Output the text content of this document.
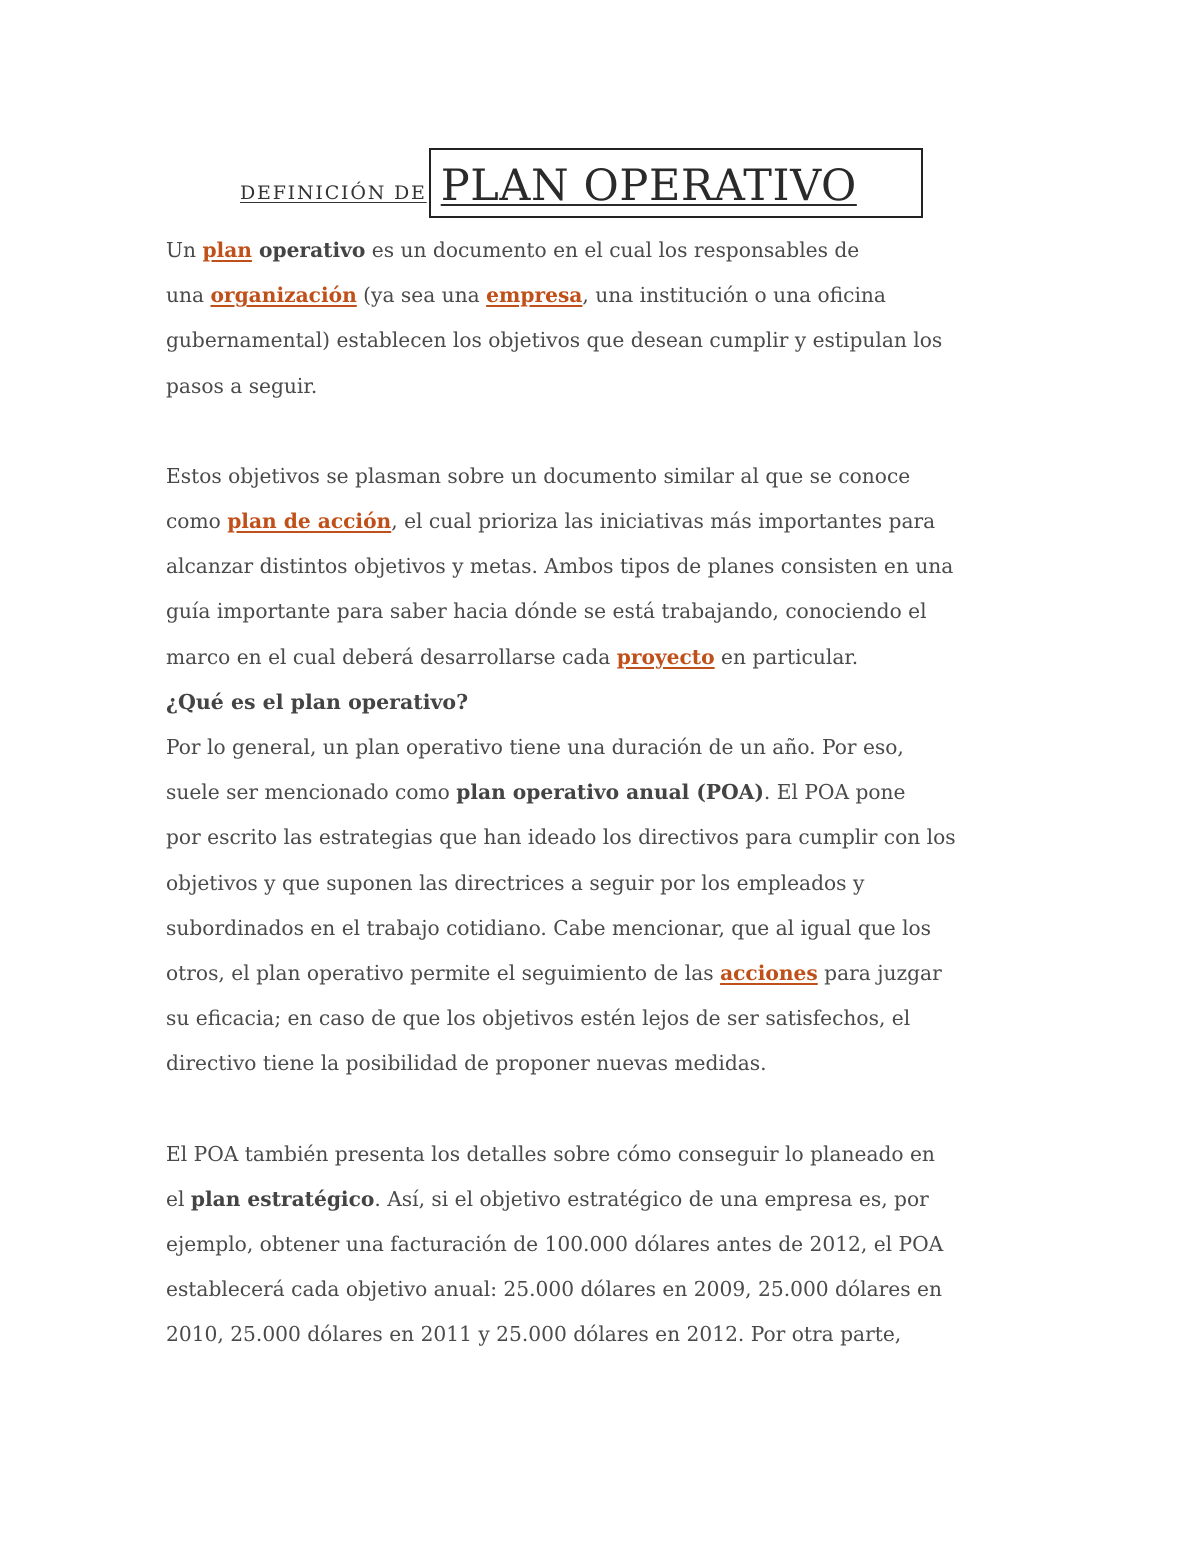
DEFINICIÓN DE PLAN OPERATIVO

Un plan operativo es un documento en el cual los responsables de
una organización (ya sea una empresa, una institución o una oficina
gubernamental) establecen los objetivos que desean cumplir y estipulan los
pasos a seguir.

Estos objetivos se plasman sobre un documento similar al que se conoce
como plan de acción, el cual prioriza las iniciativas más importantes para
alcanzar distintos objetivos y metas. Ambos tipos de planes consisten en una
guía importante para saber hacia dónde se está trabajando, conociendo el
marco en el cual deberá desarrollarse cada proyecto en particular.

¿Qué es el plan operativo?

Por lo general, un plan operativo tiene una duración de un año. Por eso,
suele ser mencionado como plan operativo anual (POA). El POA pone
por escrito las estrategias que han ideado los directivos para cumplir con los
objetivos y que suponen las directrices a seguir por los empleados y
subordinados en el trabajo cotidiano. Cabe mencionar, que al igual que los
otros, el plan operativo permite el seguimiento de las acciones para juzgar
su eficacia; en caso de que los objetivos estén lejos de ser satisfechos, el
directivo tiene la posibilidad de proponer nuevas medidas.

El POA también presenta los detalles sobre cómo conseguir lo planeado en
el plan estratégico. Así, si el objetivo estratégico de una empresa es, por
ejemplo, obtener una facturación de 100.000 dólares antes de 2012, el POA
establecerá cada objetivo anual: 25.000 dólares en 2009, 25.000 dólares en
2010, 25.000 dólares en 2011 y 25.000 dólares en 2012. Por otra parte,
